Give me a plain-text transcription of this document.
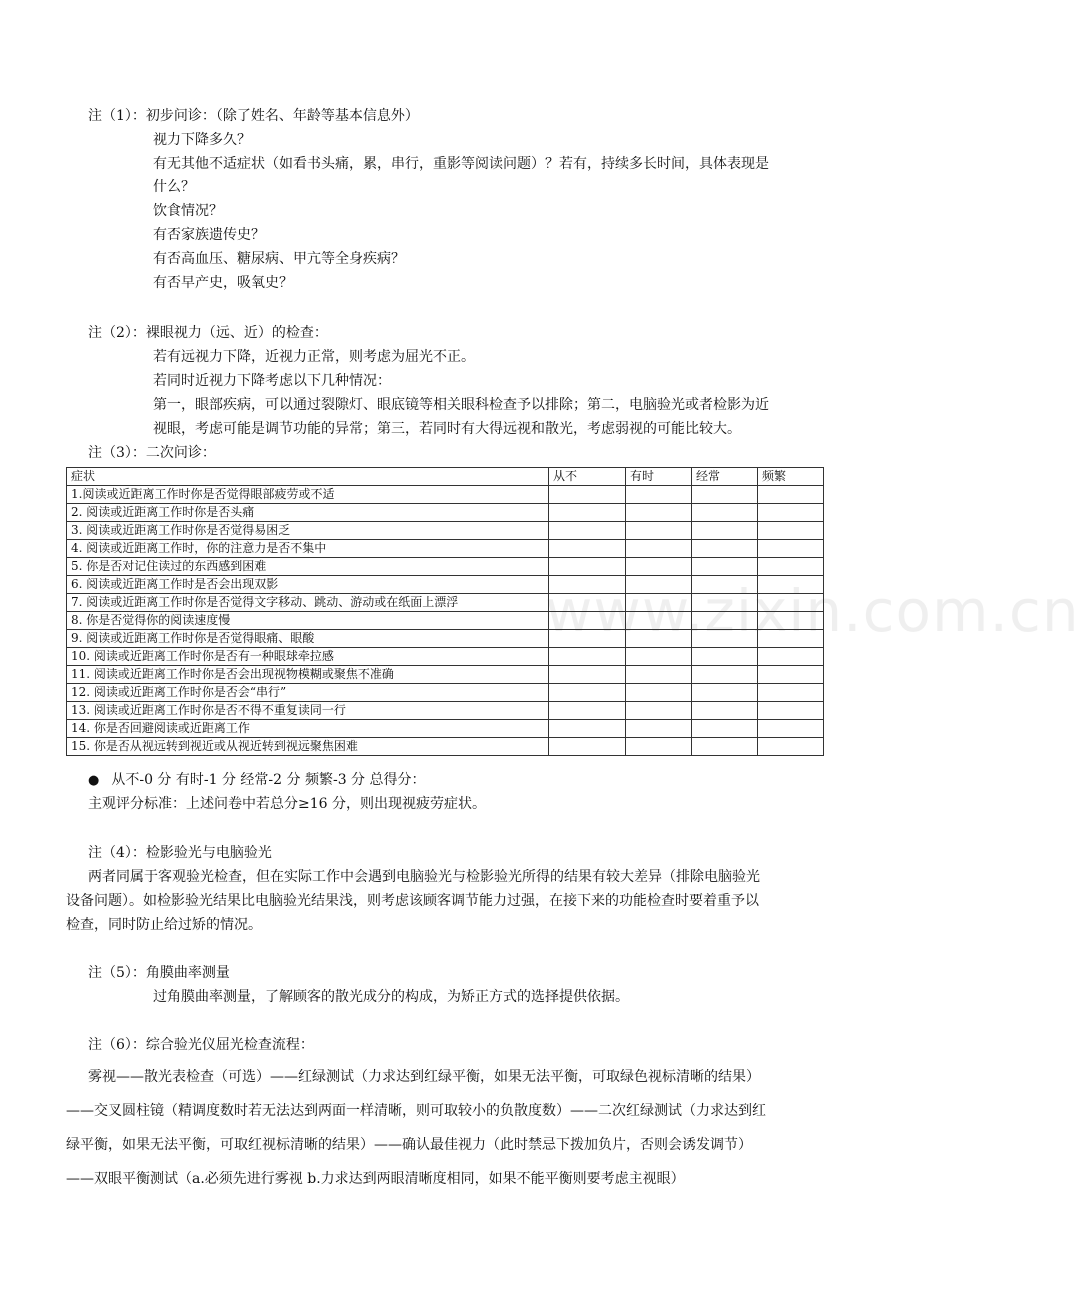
www.zixin.com.cn
注（1）：初步问诊：（除了姓名、年龄等基本信息外）
视力下降多久？
有无其他不适症状（如看书头痛，累，串行，重影等阅读问题）？若有，持续多长时间，具体表现是
什么？
饮食情况？
有否家族遗传史？
有否高血压、糖尿病、甲亢等全身疾病？
有否早产史，吸氧史？
注（2）：裸眼视力（远、近）的检查：
若有远视力下降，近视力正常，则考虑为屈光不正。
若同时近视力下降考虑以下几种情况：
第一，眼部疾病，可以通过裂隙灯、眼底镜等相关眼科检查予以排除；第二，电脑验光或者检影为近
视眼，考虑可能是调节功能的异常；第三，若同时有大得远视和散光，考虑弱视的可能比较大。
注（3）：二次问诊：
症状	从不	有时	经常	频繁
1.阅读或近距离工作时你是否觉得眼部疲劳或不适				
2. 阅读或近距离工作时你是否头痛				
3. 阅读或近距离工作时你是否觉得易困乏				
4. 阅读或近距离工作时，你的注意力是否不集中				
5. 你是否对记住读过的东西感到困难				
6. 阅读或近距离工作时是否会出现双影				
7. 阅读或近距离工作时你是否觉得文字移动、跳动、游动或在纸面上漂浮				
8. 你是否觉得你的阅读速度慢				
9. 阅读或近距离工作时你是否觉得眼痛、眼酸				
10. 阅读或近距离工作时你是否有一种眼球牵拉感				
11. 阅读或近距离工作时你是否会出现视物模糊或聚焦不准确				
12. 阅读或近距离工作时你是否会“串行”				
13. 阅读或近距离工作时你是否不得不重复读同一行				
14. 你是否回避阅读或近距离工作				
15. 你是否从视远转到视近或从视近转到视远聚焦困难				
● 从不-0 分 有时-1 分 经常-2 分 频繁-3 分 总得分：
主观评分标准：上述问卷中若总分≥16 分，则出现视疲劳症状。
注（4）：检影验光与电脑验光
两者同属于客观验光检查，但在实际工作中会遇到电脑验光与检影验光所得的结果有较大差异（排除电脑验光
设备问题）。如检影验光结果比电脑验光结果浅，则考虑该顾客调节能力过强，在接下来的功能检查时要着重予以
检查，同时防止给过矫的情况。
注（5）：角膜曲率测量
过角膜曲率测量，了解顾客的散光成分的构成，为矫正方式的选择提供依据。
注（6）：综合验光仪屈光检查流程：
雾视——散光表检查（可选）——红绿测试（力求达到红绿平衡，如果无法平衡，可取绿色视标清晰的结果）
——交叉圆柱镜（精调度数时若无法达到两面一样清晰，则可取较小的负散度数）——二次红绿测试（力求达到红
绿平衡，如果无法平衡，可取红视标清晰的结果）——确认最佳视力（此时禁忌下拨加负片，否则会诱发调节）
——双眼平衡测试（a.必须先进行雾视 b.力求达到两眼清晰度相同，如果不能平衡则要考虑主视眼）
